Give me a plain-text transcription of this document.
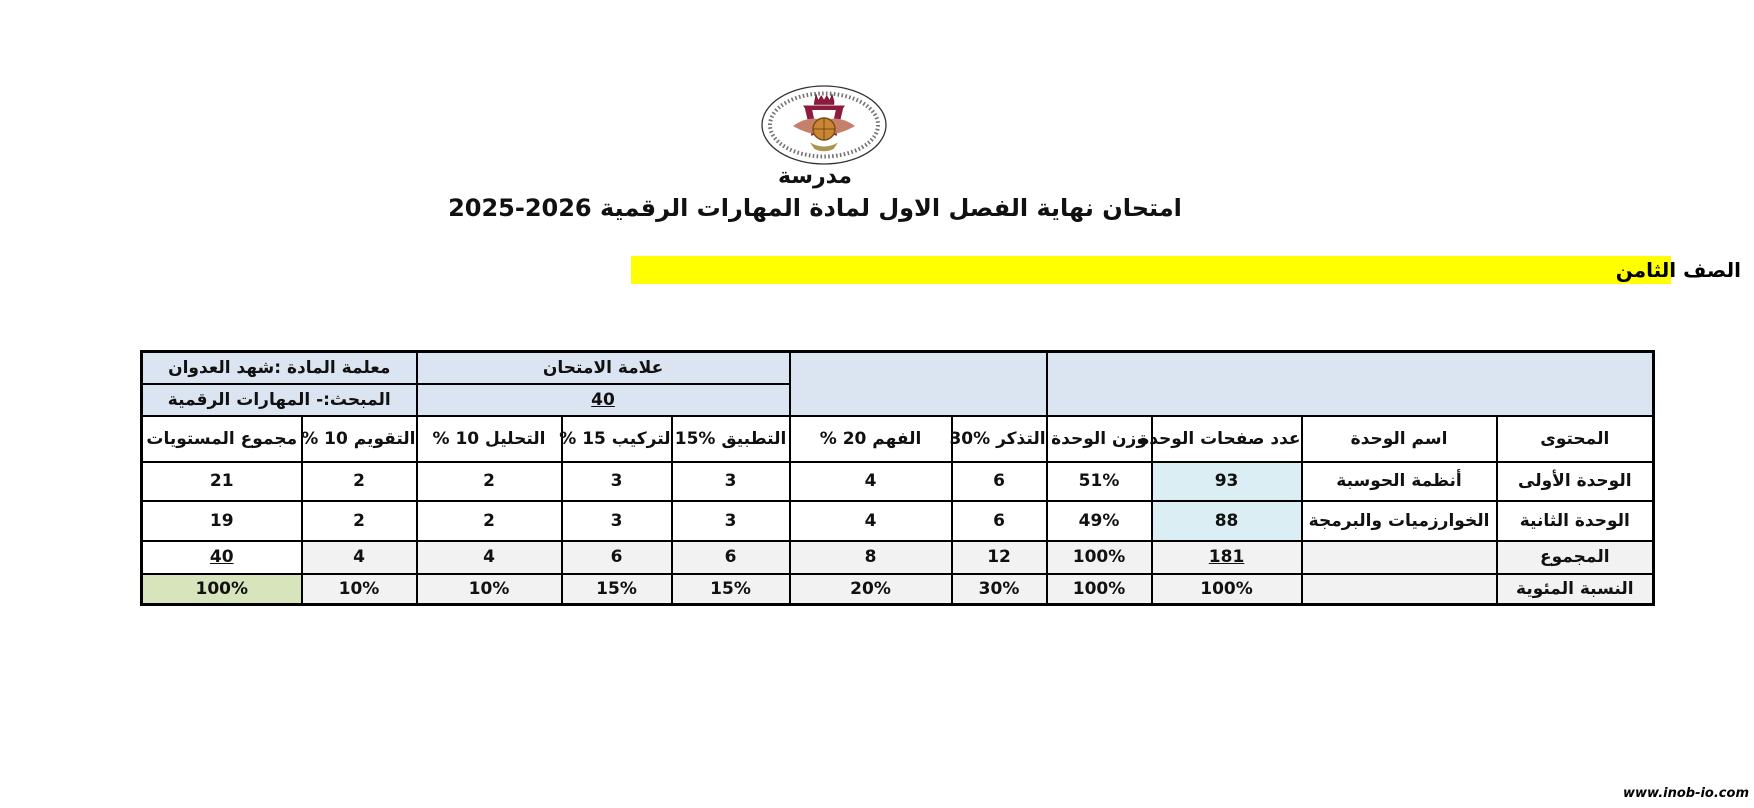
مدرسة
امتحان نهاية الفصل الاول لمادة المهارات الرقمية 2026-2025
الصف الثامن
						علامة الامتحان			معلمة المادة :شهد العدوان	
						40			المبحث:- المهارات الرقمية	
المحتوى	اسم الوحدة	عدد صفحات الوحدة	وزن الوحدة	التذكر %30	الفهم 20 %	التطبيق %15	لتركيب 15 %	التحليل 10 %	التقويم 10 %	مجموع المستويات
الوحدة الأولى	أنظمة الحوسبة	93	51%	6	4	3	3	2	2	21
الوحدة الثانية	الخوارزميات والبرمجة	88	49%	6	4	3	3	2	2	19
المجموع		181	100%	12	8	6	6	4	4	40
النسبة المئوية		100%	100%	30%	20%	15%	15%	10%	10%	100%
www.inob-io.com
